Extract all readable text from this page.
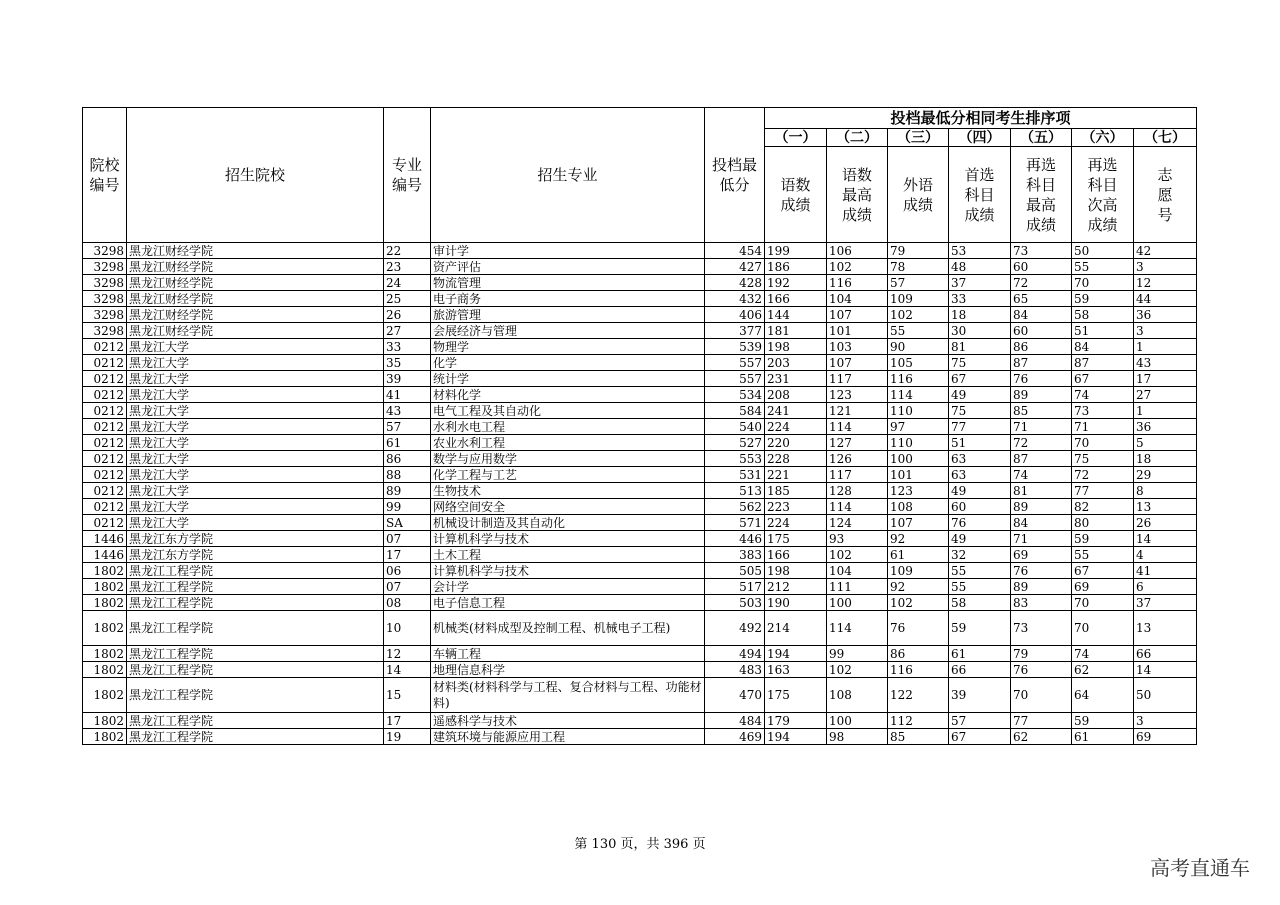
院校编号	招生院校	专业编号	招生专业	投档最低分	投档最低分相同考生排序项						
					（一）	（二）	（三）	（四）	（五）	（六）	（七）
					语数成绩	语数最高成绩	外语成绩	首选科目成绩	再选科目最高成绩	再选科目次高成绩	志愿号
3298	黑龙江财经学院	22	审计学	454	199	106	79	53	73	50	42
3298	黑龙江财经学院	23	资产评估	427	186	102	78	48	60	55	3
3298	黑龙江财经学院	24	物流管理	428	192	116	57	37	72	70	12
3298	黑龙江财经学院	25	电子商务	432	166	104	109	33	65	59	44
3298	黑龙江财经学院	26	旅游管理	406	144	107	102	18	84	58	36
3298	黑龙江财经学院	27	会展经济与管理	377	181	101	55	30	60	51	3
0212	黑龙江大学	33	物理学	539	198	103	90	81	86	84	1
0212	黑龙江大学	35	化学	557	203	107	105	75	87	87	43
0212	黑龙江大学	39	统计学	557	231	117	116	67	76	67	17
0212	黑龙江大学	41	材料化学	534	208	123	114	49	89	74	27
0212	黑龙江大学	43	电气工程及其自动化	584	241	121	110	75	85	73	1
0212	黑龙江大学	57	水利水电工程	540	224	114	97	77	71	71	36
0212	黑龙江大学	61	农业水利工程	527	220	127	110	51	72	70	5
0212	黑龙江大学	86	数学与应用数学	553	228	126	100	63	87	75	18
0212	黑龙江大学	88	化学工程与工艺	531	221	117	101	63	74	72	29
0212	黑龙江大学	89	生物技术	513	185	128	123	49	81	77	8
0212	黑龙江大学	99	网络空间安全	562	223	114	108	60	89	82	13
0212	黑龙江大学	SA	机械设计制造及其自动化	571	224	124	107	76	84	80	26
1446	黑龙江东方学院	07	计算机科学与技术	446	175	93	92	49	71	59	14
1446	黑龙江东方学院	17	土木工程	383	166	102	61	32	69	55	4
1802	黑龙江工程学院	06	计算机科学与技术	505	198	104	109	55	76	67	41
1802	黑龙江工程学院	07	会计学	517	212	111	92	55	89	69	6
1802	黑龙江工程学院	08	电子信息工程	503	190	100	102	58	83	70	37
1802	黑龙江工程学院	10	机械类(材料成型及控制工程、机械电子工程)	492	214	114	76	59	73	70	13
1802	黑龙江工程学院	12	车辆工程	494	194	99	86	61	79	74	66
1802	黑龙江工程学院	14	地理信息科学	483	163	102	116	66	76	62	14
1802	黑龙江工程学院	15	材料类(材料科学与工程、复合材料与工程、功能材料)	470	175	108	122	39	70	64	50
1802	黑龙江工程学院	17	遥感科学与技术	484	179	100	112	57	77	59	3
1802	黑龙江工程学院	19	建筑环境与能源应用工程	469	194	98	85	67	62	61	69
第 130 页，共 396 页
高考直通车
